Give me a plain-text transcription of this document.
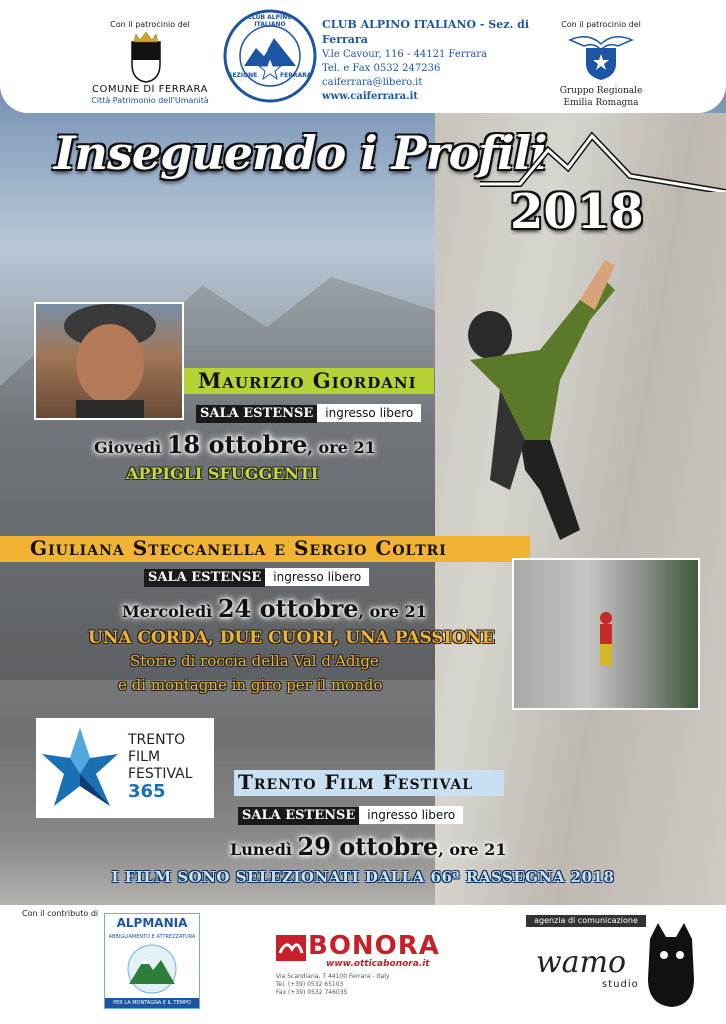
Con il patrocinio del
COMUNE DI FERRARA
Città Patrimonio dell'Umanità
CLUB ALPINO ITALIANO
SEZIONE	FERRARA
CLUB ALPINO ITALIANO - Sez. di Ferrara
V.le Cavour, 116 - 44121 Ferrara
Tel. e Fax 0532 247236
caiferrara@libero.it
www.caiferrara.it
Con il patrocinio del
Gruppo Regionale
Emilia Romagna
Inseguendo i Profili
2018
Maurizio Giordani
SALA ESTENSE ingresso libero
Giovedì 18 ottobre, ore 21
APPIGLI SFUGGENTI
Giuliana Steccanella e Sergio Coltri
SALA ESTENSE ingresso libero
Mercoledì 24 ottobre, ore 21
UNA CORDA, DUE CUORI, UNA PASSIONE
Storie di roccia della Val d'Adige
e di montagne in giro per il mondo
TRENTO
FILM
FESTIVAL
365	Trento Film Festival
SALA ESTENSE ingresso libero
Lunedì 29 ottobre, ore 21
I FILM SONO SELEZIONATI DALLA 66ª RASSEGNA 2018
Con il contributo di
ALPMANIA
ABBIGLIAMENTO E ATTREZZATURA
PER LA MONTAGNA E IL TEMPO LIBERO
BONORA
www.otticabonora.it
Via Scandiana, 7 44100 Ferrara - Italy
Tel. (+39) 0532 65103
Fax (+39) 0532 746035
agenzia di comunicazione
wamo
studio
